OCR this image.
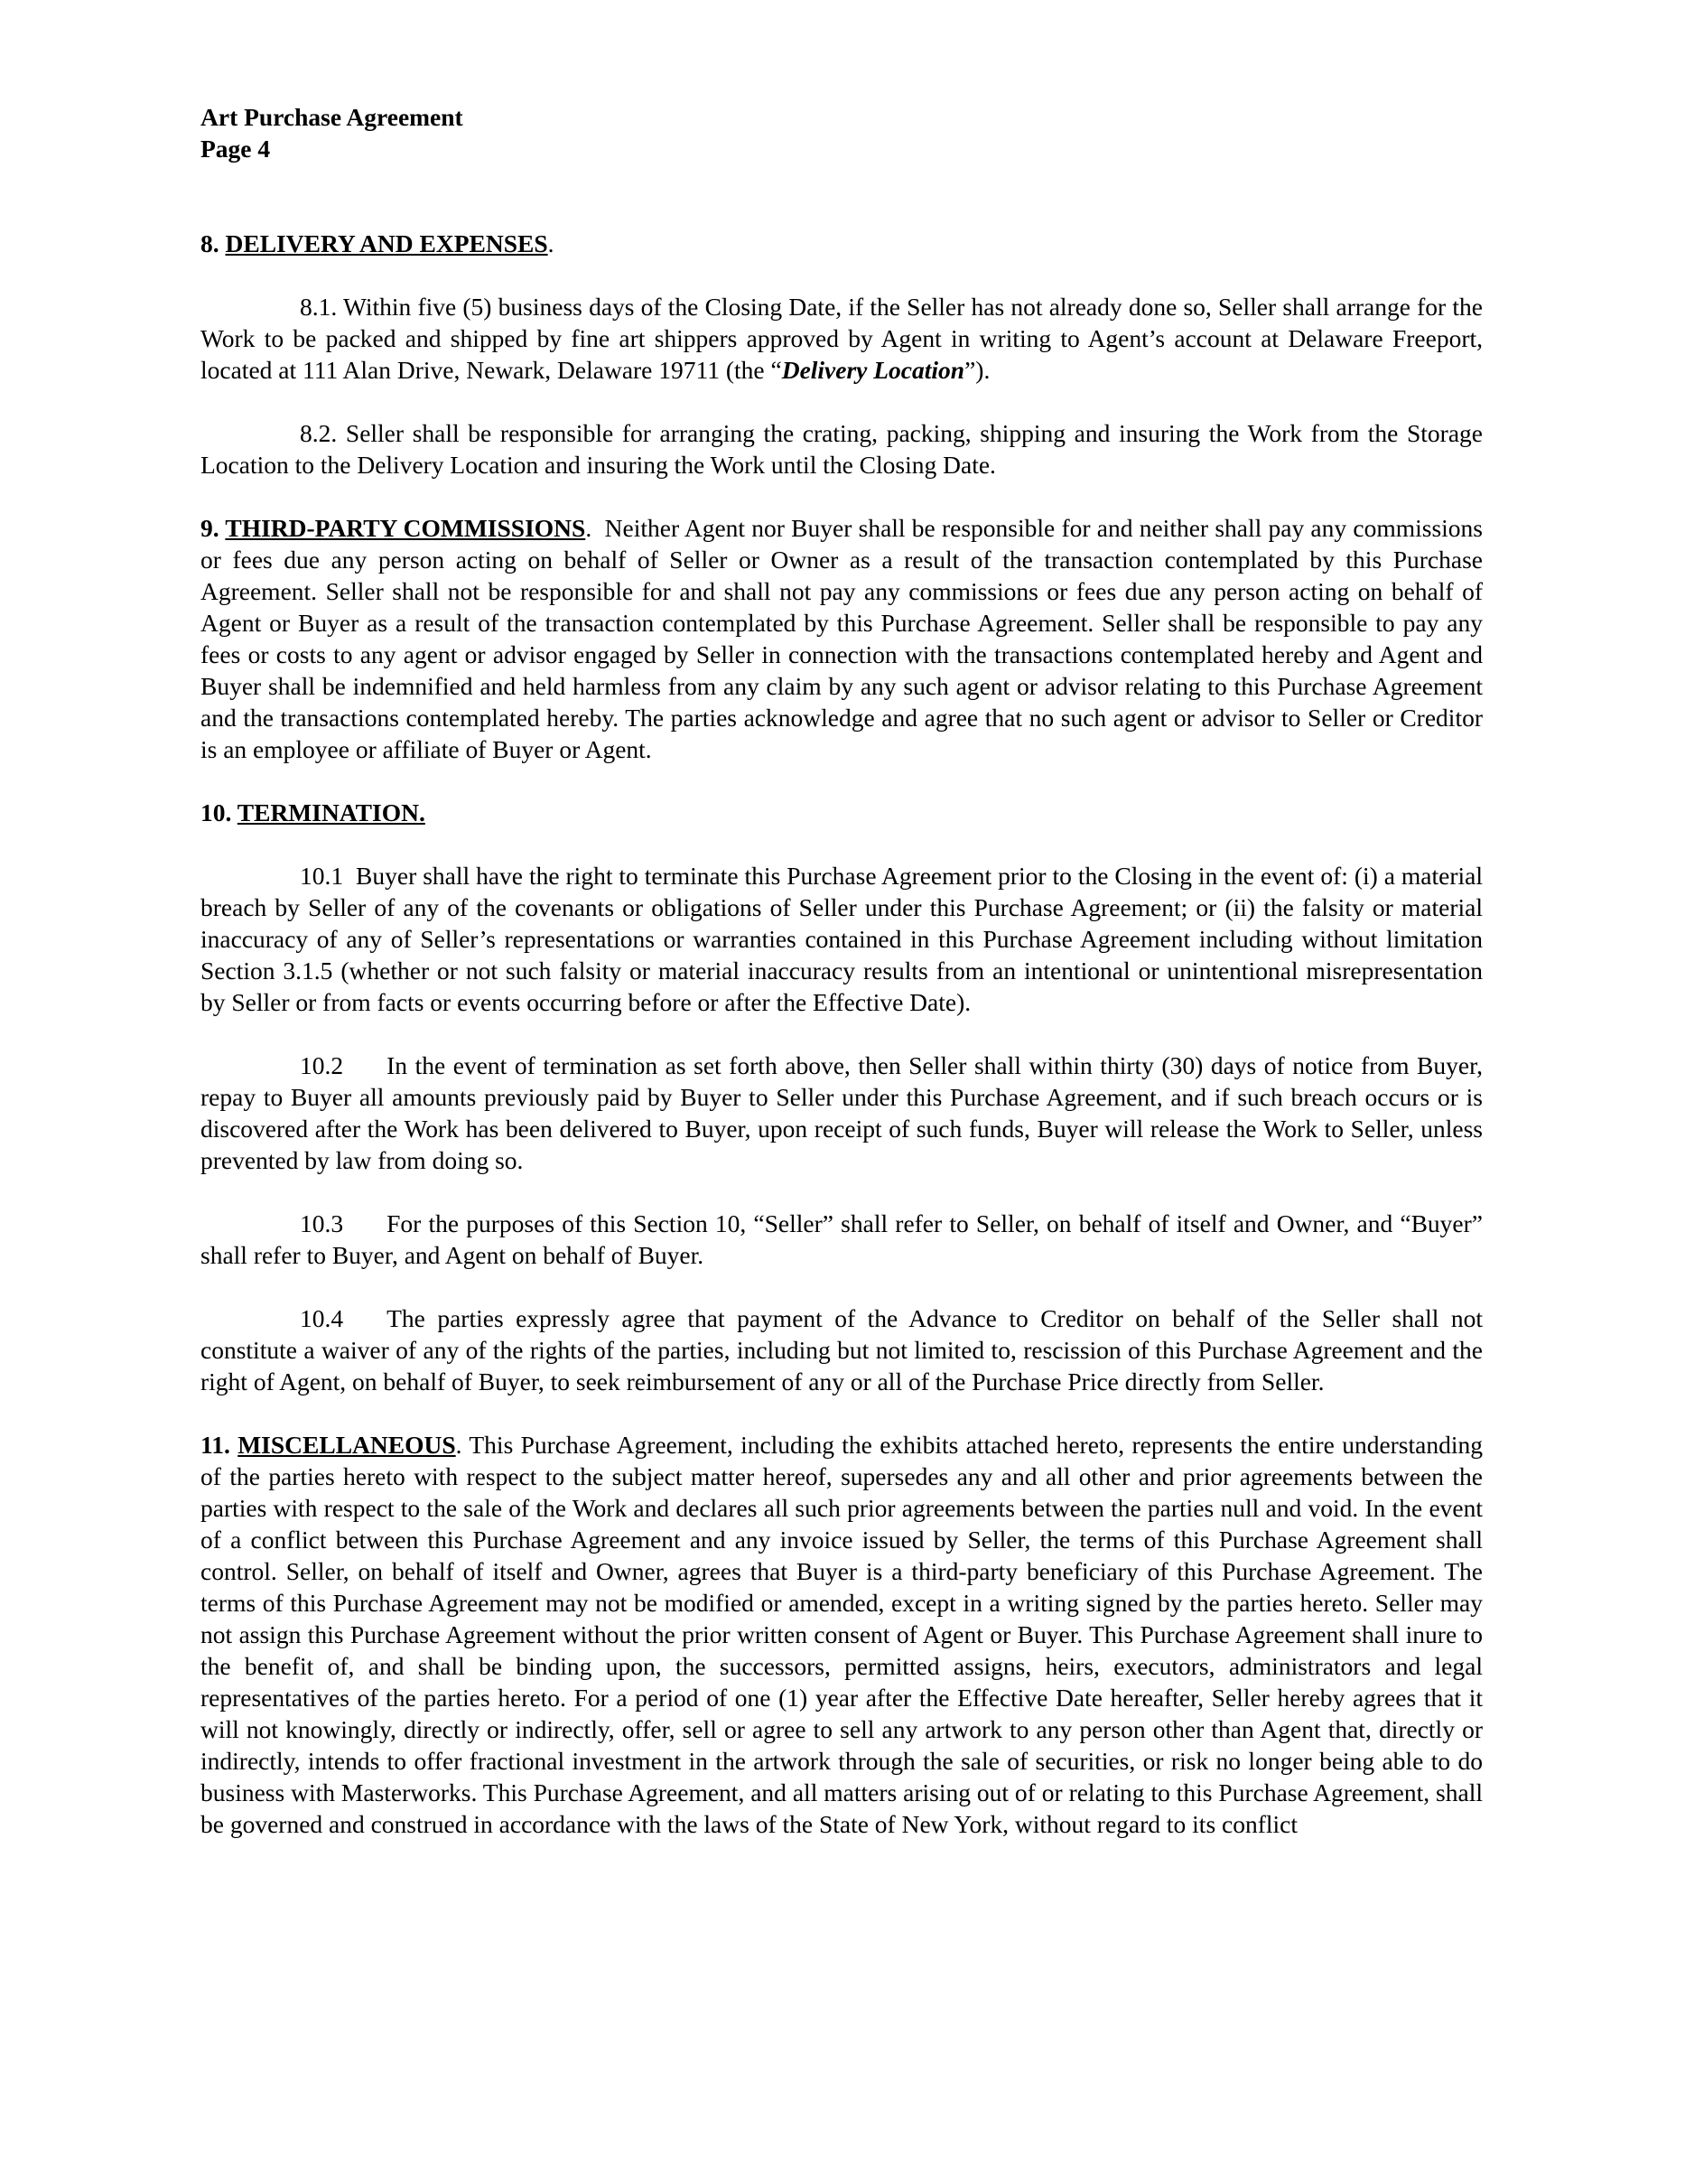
Art Purchase Agreement

Page 4

8. DELIVERY AND EXPENSES.

8.1. Within five (5) business days of the Closing Date, if the Seller has not already done so, Seller shall arrange for the Work to be packed and shipped by fine art shippers approved by Agent in writing to Agent’s account at Delaware Freeport, located at 111 Alan Drive, Newark, Delaware 19711 (the “Delivery Location”).

8.2. Seller shall be responsible for arranging the crating, packing, shipping and insuring the Work from the Storage Location to the Delivery Location and insuring the Work until the Closing Date.

9. THIRD-PARTY COMMISSIONS. Neither Agent nor Buyer shall be responsible for and neither shall pay any commissions or fees due any person acting on behalf of Seller or Owner as a result of the transaction contemplated by this Purchase Agreement. Seller shall not be responsible for and shall not pay any commissions or fees due any person acting on behalf of Agent or Buyer as a result of the transaction contemplated by this Purchase Agreement. Seller shall be responsible to pay any fees or costs to any agent or advisor engaged by Seller in connection with the transactions contemplated hereby and Agent and Buyer shall be indemnified and held harmless from any claim by any such agent or advisor relating to this Purchase Agreement and the transactions contemplated hereby. The parties acknowledge and agree that no such agent or advisor to Seller or Creditor is an employee or affiliate of Buyer or Agent.

10. TERMINATION.

10.1 Buyer shall have the right to terminate this Purchase Agreement prior to the Closing in the event of: (i) a material breach by Seller of any of the covenants or obligations of Seller under this Purchase Agreement; or (ii) the falsity or material inaccuracy of any of Seller’s representations or warranties contained in this Purchase Agreement including without limitation Section 3.1.5 (whether or not such falsity or material inaccuracy results from an intentional or unintentional misrepresentation by Seller or from facts or events occurring before or after the Effective Date).

10.2 In the event of termination as set forth above, then Seller shall within thirty (30) days of notice from Buyer, repay to Buyer all amounts previously paid by Buyer to Seller under this Purchase Agreement, and if such breach occurs or is discovered after the Work has been delivered to Buyer, upon receipt of such funds, Buyer will release the Work to Seller, unless prevented by law from doing so.

10.3 For the purposes of this Section 10, “Seller” shall refer to Seller, on behalf of itself and Owner, and “Buyer” shall refer to Buyer, and Agent on behalf of Buyer.

10.4 The parties expressly agree that payment of the Advance to Creditor on behalf of the Seller shall not constitute a waiver of any of the rights of the parties, including but not limited to, rescission of this Purchase Agreement and the right of Agent, on behalf of Buyer, to seek reimbursement of any or all of the Purchase Price directly from Seller.

11. MISCELLANEOUS. This Purchase Agreement, including the exhibits attached hereto, represents the entire understanding of the parties hereto with respect to the subject matter hereof, supersedes any and all other and prior agreements between the parties with respect to the sale of the Work and declares all such prior agreements between the parties null and void. In the event of a conflict between this Purchase Agreement and any invoice issued by Seller, the terms of this Purchase Agreement shall control. Seller, on behalf of itself and Owner, agrees that Buyer is a third-party beneficiary of this Purchase Agreement. The terms of this Purchase Agreement may not be modified or amended, except in a writing signed by the parties hereto. Seller may not assign this Purchase Agreement without the prior written consent of Agent or Buyer. This Purchase Agreement shall inure to the benefit of, and shall be binding upon, the successors, permitted assigns, heirs, executors, administrators and legal representatives of the parties hereto. For a period of one (1) year after the Effective Date hereafter, Seller hereby agrees that it will not knowingly, directly or indirectly, offer, sell or agree to sell any artwork to any person other than Agent that, directly or indirectly, intends to offer fractional investment in the artwork through the sale of securities, or risk no longer being able to do business with Masterworks. This Purchase Agreement, and all matters arising out of or relating to this Purchase Agreement, shall be governed and construed in accordance with the laws of the State of New York, without regard to its conflict
